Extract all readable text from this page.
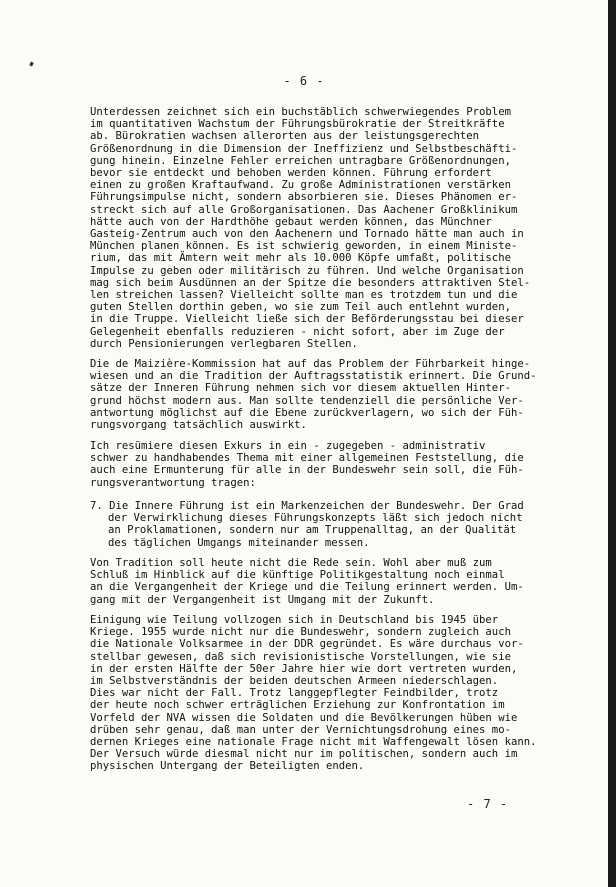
- 6 -
Unterdessen zeichnet sich ein buchstäblich schwerwiegendes Problem
im quantitativen Wachstum der Führungsbürokratie der Streitkräfte
ab. Bürokratien wachsen allerorten aus der leistungsgerechten
Größenordnung in die Dimension der Ineffizienz und Selbstbeschäfti-
gung hinein. Einzelne Fehler erreichen untragbare Größenordnungen,
bevor sie entdeckt und behoben werden können. Führung erfordert
einen zu großen Kraftaufwand. Zu große Administrationen verstärken
Führungsimpulse nicht, sondern absorbieren sie. Dieses Phänomen er-
streckt sich auf alle Großorganisationen. Das Aachener Großklinikum
hätte auch von der Hardthöhe gebaut werden können, das Münchner
Gasteig-Zentrum auch von den Aachenern und Tornado hätte man auch in
München planen können. Es ist schwierig geworden, in einem Ministe-
rium, das mit Ämtern weit mehr als 10.000 Köpfe umfaßt, politische
Impulse zu geben oder militärisch zu führen. Und welche Organisation
mag sich beim Ausdünnen an der Spitze die besonders attraktiven Stel-
len streichen lassen? Vielleicht sollte man es trotzdem tun und die
guten Stellen dorthin geben, wo sie zum Teil auch entlehnt wurden,
in die Truppe. Vielleicht ließe sich der Beförderungsstau bei dieser
Gelegenheit ebenfalls reduzieren - nicht sofort, aber im Zuge der
durch Pensionierungen verlegbaren Stellen.
Die de Maizière-Kommission hat auf das Problem der Führbarkeit hinge-
wiesen und an die Tradition der Auftragsstatistik erinnert. Die Grund-
sätze der Inneren Führung nehmen sich vor diesem aktuellen Hinter-
grund höchst modern aus. Man sollte tendenziell die persönliche Ver-
antwortung möglichst auf die Ebene zurückverlagern, wo sich der Füh-
rungsvorgang tatsächlich auswirkt.
Ich resümiere diesen Exkurs in ein - zugegeben - administrativ
schwer zu handhabendes Thema mit einer allgemeinen Feststellung, die
auch eine Ermunterung für alle in der Bundeswehr sein soll, die Füh-
rungsverantwortung tragen:
7. Die Innere Führung ist ein Markenzeichen der Bundeswehr. Der Grad
der Verwirklichung dieses Führungskonzepts läßt sich jedoch nicht
an Proklamationen, sondern nur am Truppenalltag, an der Qualität
des täglichen Umgangs miteinander messen.
Von Tradition soll heute nicht die Rede sein. Wohl aber muß zum
Schluß im Hinblick auf die künftige Politikgestaltung noch einmal
an die Vergangenheit der Kriege und die Teilung erinnert werden. Um-
gang mit der Vergangenheit ist Umgang mit der Zukunft.
Einigung wie Teilung vollzogen sich in Deutschland bis 1945 über
Kriege. 1955 wurde nicht nur die Bundeswehr, sondern zugleich auch
die Nationale Volksarmee in der DDR gegründet. Es wäre durchaus vor-
stellbar gewesen, daß sich revisionistische Vorstellungen, wie sie
in der ersten Hälfte der 50er Jahre hier wie dort vertreten wurden,
im Selbstverständnis der beiden deutschen Armeen niederschlagen.
Dies war nicht der Fall. Trotz langgepflegter Feindbilder, trotz
der heute noch schwer erträglichen Erziehung zur Konfrontation im
Vorfeld der NVA wissen die Soldaten und die Bevölkerungen hüben wie
drüben sehr genau, daß man unter der Vernichtungsdrohung eines mo-
dernen Krieges eine nationale Frage nicht mit Waffengewalt lösen kann.
Der Versuch würde diesmal nicht nur im politischen, sondern auch im
physischen Untergang der Beteiligten enden.
- 7 -
